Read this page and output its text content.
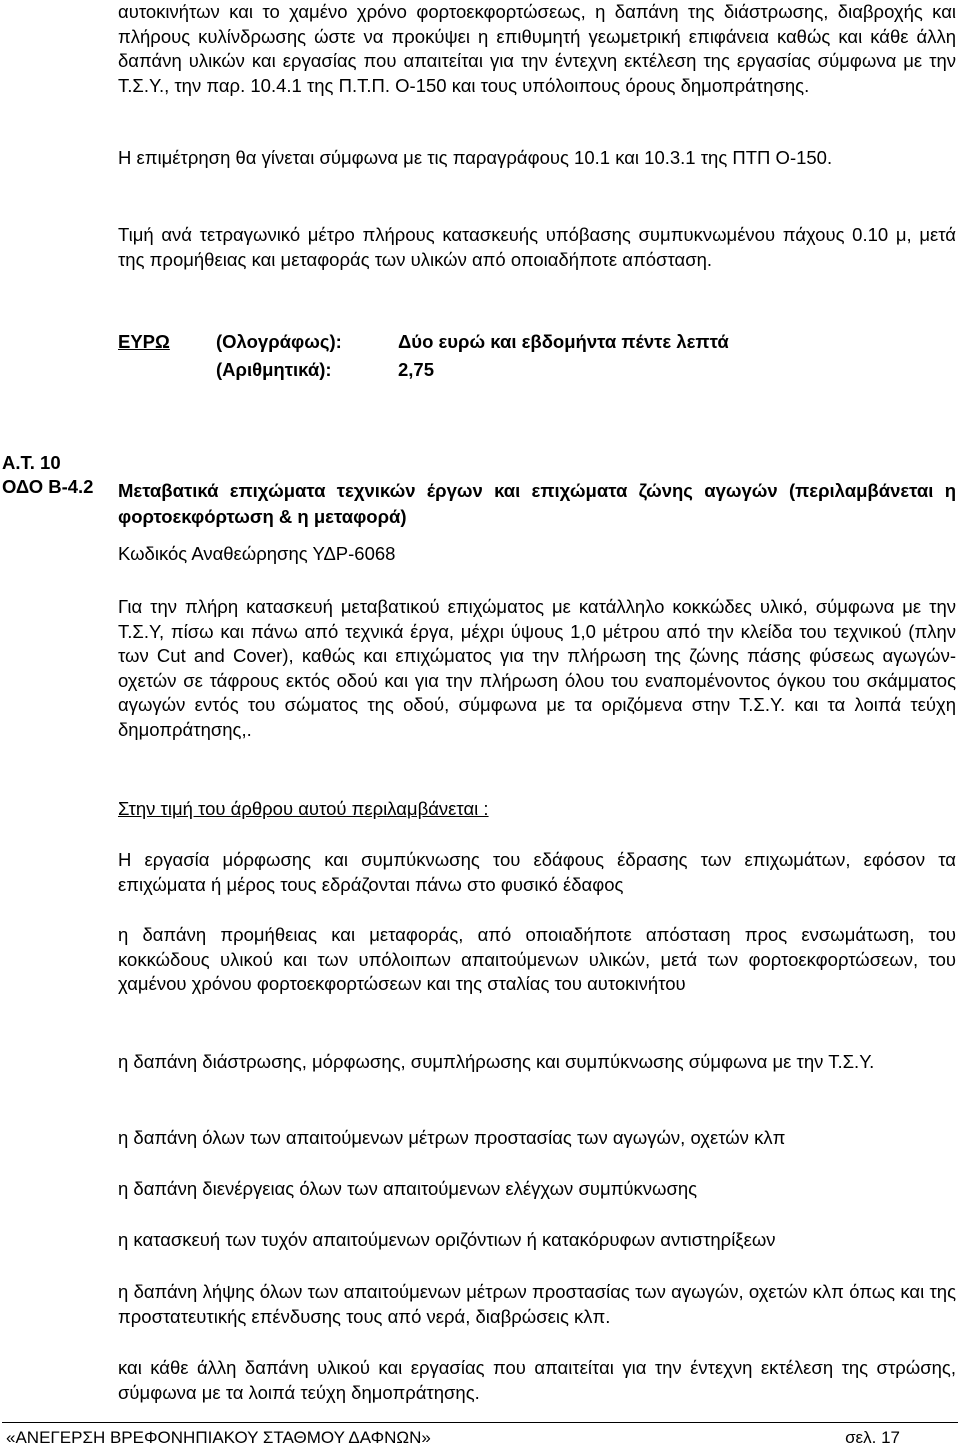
αυτοκινήτων και το χαμένο χρόνο φορτοεκφορτώσεως, η δαπάνη της διάστρωσης, διαβροχής και πλήρους κυλίνδρωσης ώστε να προκύψει η επιθυμητή γεωμετρική επιφάνεια καθώς και κάθε άλλη δαπάνη υλικών και εργασίας που απαιτείται για την έντεχνη εκτέλεση της εργασίας σύμφωνα με την Τ.Σ.Υ., την παρ. 10.4.1 της Π.Τ.Π. Ο-150 και τους υπόλοιπους όρους δημοπράτησης.

Η επιμέτρηση θα γίνεται σύμφωνα με τις παραγράφους 10.1 και 10.3.1 της ΠΤΠ Ο-150.

Τιμή ανά τετραγωνικό μέτρο πλήρους κατασκευής υπόβασης συμπυκνωμένου πάχους 0.10 μ, μετά της προμήθειας και μεταφοράς των υλικών από οποιαδήποτε απόσταση.

ΕΥΡΩ	(Ολογράφως):	Δύο ευρώ και εβδομήντα πέντε λεπτά
(Αριθμητικά):	2,75
Α.Τ. 10
ΟΔΟ Β-4.2	Μεταβατικά επιχώματα τεχνικών έργων και επιχώματα ζώνης αγωγών (περιλαμβάνεται η φορτοεκφόρτωση & η μεταφορά)

Κωδικός Αναθεώρησης ΥΔΡ-6068

Για την πλήρη κατασκευή μεταβατικού επιχώματος με κατάλληλο κοκκώδες υλικό, σύμφωνα με την Τ.Σ.Υ, πίσω και πάνω από τεχνικά έργα, μέχρι ύψους 1,0 μέτρου από την κλείδα του τεχνικού (πλην των Cut and Cover), καθώς και επιχώματος για την πλήρωση της ζώνης πάσης φύσεως αγωγών-οχετών σε τάφρους εκτός οδού και για την πλήρωση όλου του εναπομένοντος όγκου του σκάμματος αγωγών εντός του σώματος της οδού, σύμφωνα με τα οριζόμενα στην Τ.Σ.Υ. και τα λοιπά τεύχη δημοπράτησης,.

Στην τιμή του άρθρου αυτού περιλαμβάνεται :

Η εργασία μόρφωσης και συμπύκνωσης του εδάφους έδρασης των επιχωμάτων, εφόσον τα επιχώματα ή μέρος τους εδράζονται πάνω στο φυσικό έδαφος

η δαπάνη προμήθειας και μεταφοράς, από οποιαδήποτε απόσταση προς ενσωμάτωση, του κοκκώδους υλικού και των υπόλοιπων απαιτούμενων υλικών, μετά των φορτοεκφορτώσεων, του χαμένου χρόνου φορτοεκφορτώσεων και της σταλίας του αυτοκινήτου

η δαπάνη διάστρωσης, μόρφωσης, συμπλήρωσης και συμπύκνωσης σύμφωνα με την Τ.Σ.Υ.

η δαπάνη όλων των απαιτούμενων μέτρων προστασίας των αγωγών, οχετών κλπ

η δαπάνη διενέργειας όλων των απαιτούμενων ελέγχων συμπύκνωσης

η κατασκευή των τυχόν απαιτούμενων οριζόντιων ή κατακόρυφων αντιστηρίξεων

η δαπάνη λήψης όλων των απαιτούμενων μέτρων προστασίας των αγωγών, οχετών κλπ όπως και της προστατευτικής επένδυσης τους από νερά, διαβρώσεις κλπ.

και κάθε άλλη δαπάνη υλικού και εργασίας που απαιτείται για την έντεχνη εκτέλεση της στρώσης, σύμφωνα με τα λοιπά τεύχη δημοπράτησης.

«ΑΝΕΓΕΡΣΗ ΒΡΕΦΟΝΗΠΙΑΚΟΥ ΣΤΑΘΜΟΥ ΔΑΦΝΩΝ»	σελ. 17
